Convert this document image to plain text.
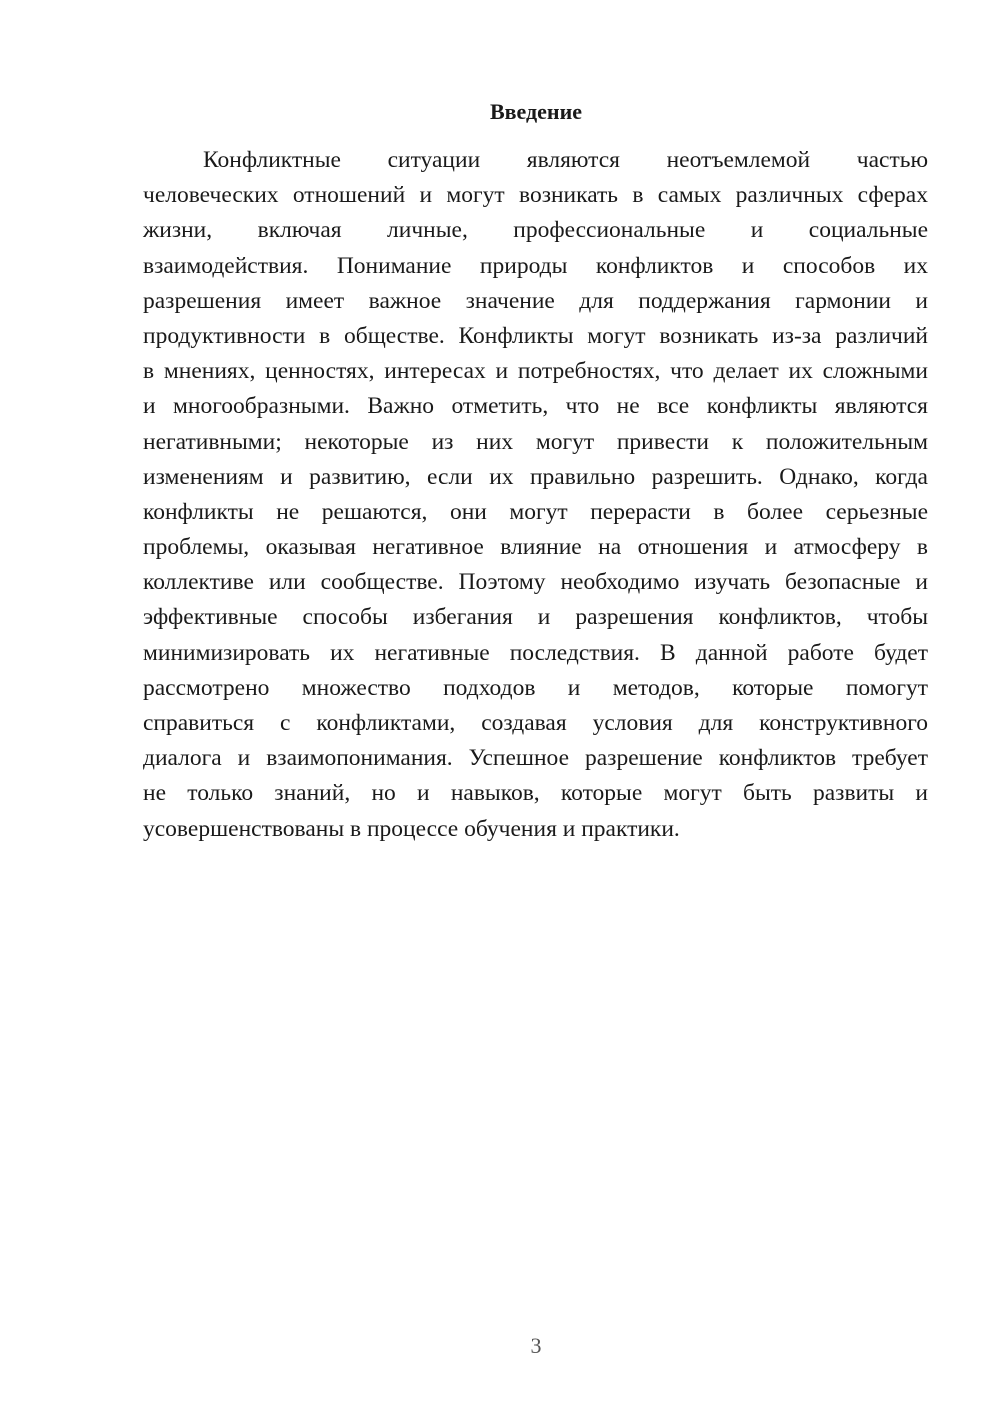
Введение
Конфликтные ситуации являются неотъемлемой частью
человеческих отношений и могут возникать в самых различных сферах
жизни, включая личные, профессиональные и социальные
взаимодействия. Понимание природы конфликтов и способов их
разрешения имеет важное значение для поддержания гармонии и
продуктивности в обществе. Конфликты могут возникать из-за различий
в мнениях, ценностях, интересах и потребностях, что делает их сложными
и многообразными. Важно отметить, что не все конфликты являются
негативными; некоторые из них могут привести к положительным
изменениям и развитию, если их правильно разрешить. Однако, когда
конфликты не решаются, они могут перерасти в более серьезные
проблемы, оказывая негативное влияние на отношения и атмосферу в
коллективе или сообществе. Поэтому необходимо изучать безопасные и
эффективные способы избегания и разрешения конфликтов, чтобы
минимизировать их негативные последствия. В данной работе будет
рассмотрено множество подходов и методов, которые помогут
справиться с конфликтами, создавая условия для конструктивного
диалога и взаимопонимания. Успешное разрешение конфликтов требует
не только знаний, но и навыков, которые могут быть развиты и
усовершенствованы в процессе обучения и практики.
3
